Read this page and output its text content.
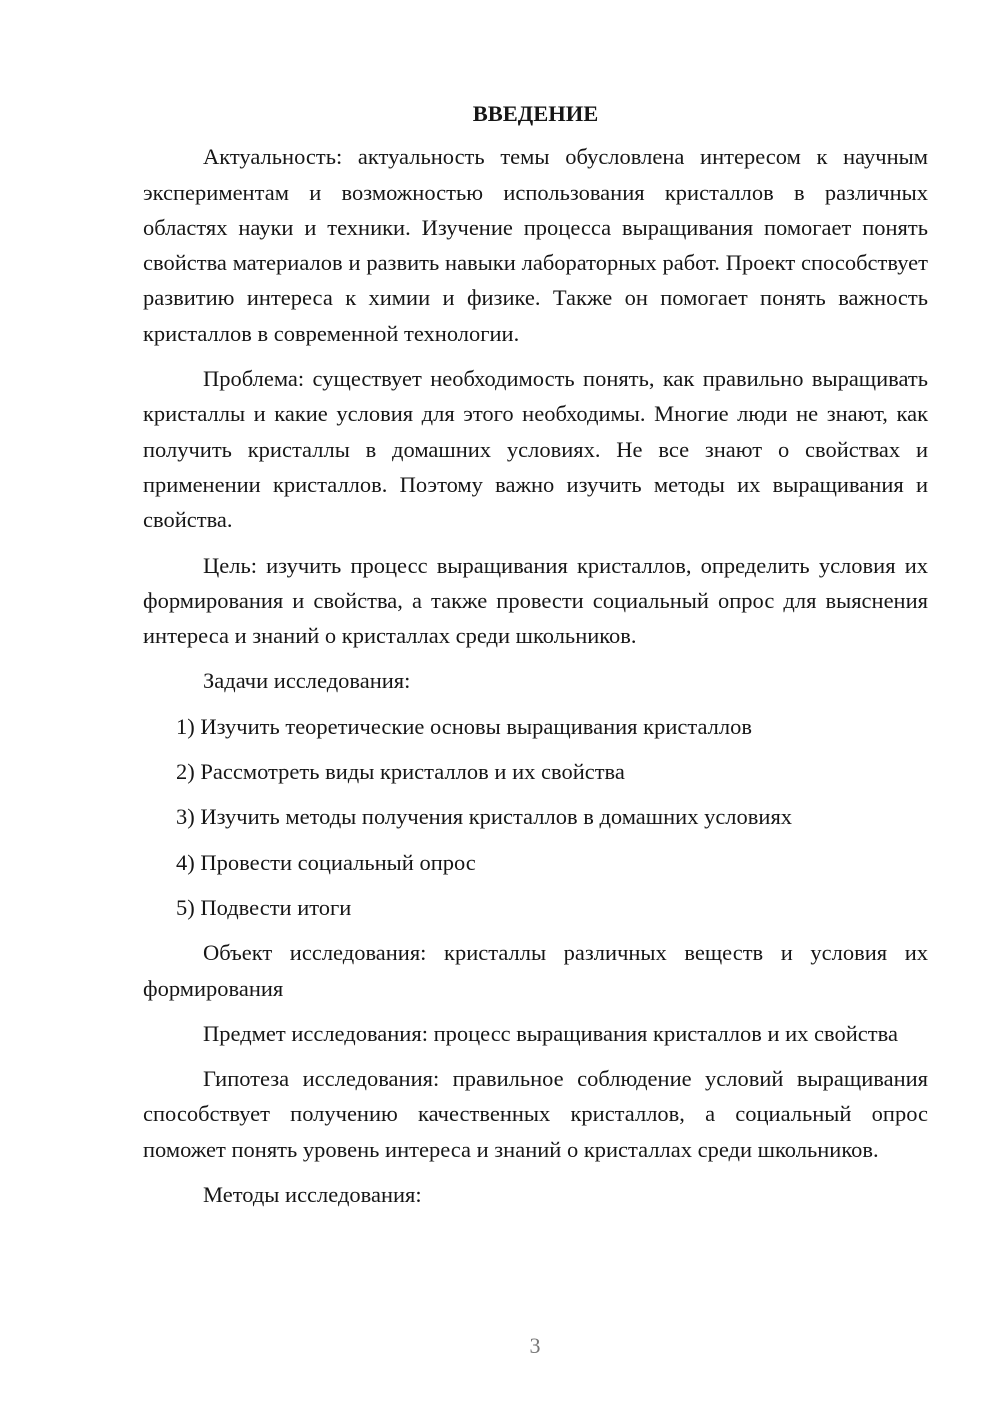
ВВЕДЕНИЕ
Актуальность: актуальность темы обусловлена интересом к научным экспериментам и возможностью использования кристаллов в различных областях науки и техники. Изучение процесса выращивания помогает понять свойства материалов и развить навыки лабораторных работ. Проект способствует развитию интереса к химии и физике. Также он помогает понять важность кристаллов в современной технологии.
Проблема: существует необходимость понять, как правильно выращивать кристаллы и какие условия для этого необходимы. Многие люди не знают, как получить кристаллы в домашних условиях. Не все знают о свойствах и применении кристаллов. Поэтому важно изучить методы их выращивания и свойства.
Цель: изучить процесс выращивания кристаллов, определить условия их формирования и свойства, а также провести социальный опрос для выяснения интереса и знаний о кристаллах среди школьников.
Задачи исследования:
1) Изучить теоретические основы выращивания кристаллов
2) Рассмотреть виды кристаллов и их свойства
3) Изучить методы получения кристаллов в домашних условиях
4) Провести социальный опрос
5) Подвести итоги
Объект исследования: кристаллы различных веществ и условия их формирования
Предмет исследования: процесс выращивания кристаллов и их свойства
Гипотеза исследования: правильное соблюдение условий выращивания способствует получению качественных кристаллов, а социальный опрос поможет понять уровень интереса и знаний о кристаллах среди школьников.
Методы исследования:
3
